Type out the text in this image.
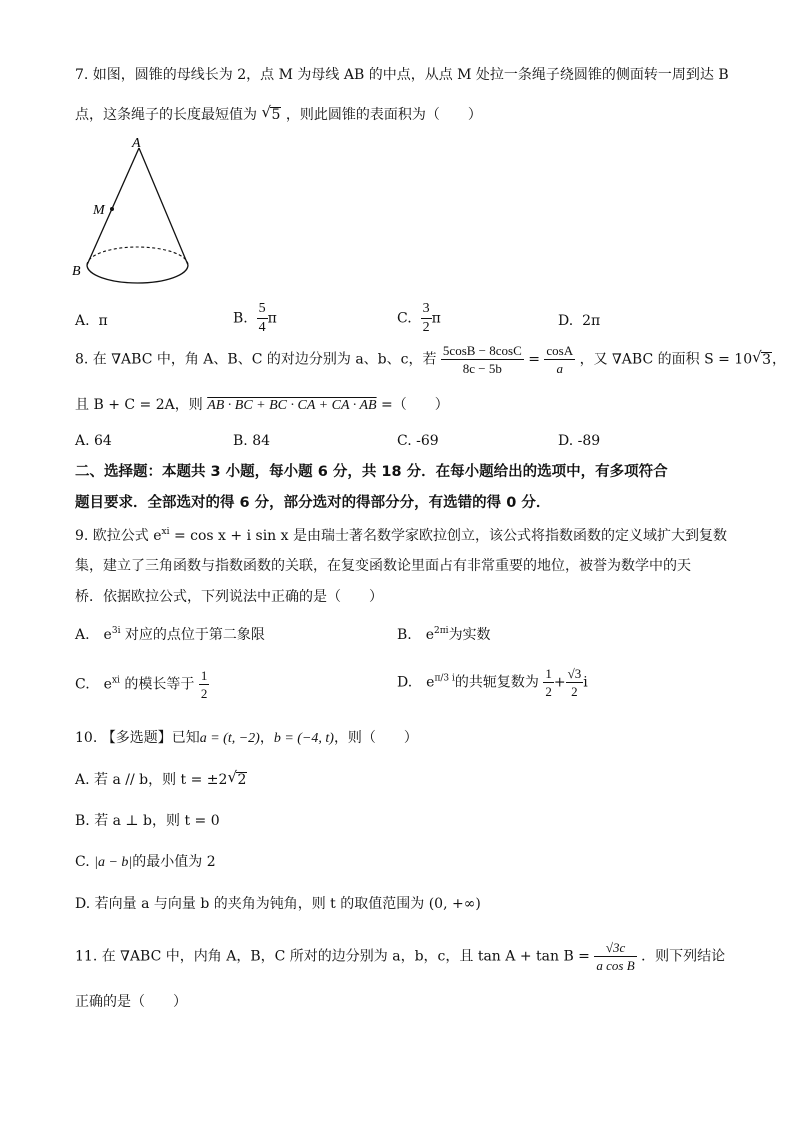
7. 如图，圆锥的母线长为 2，点 M 为母线 AB 的中点，从点 M 处拉一条绳子绕圆锥的侧面转一周到达 B
点，这条绳子的长度最短值为 √ 5 ，则此圆锥的表面积为（　　）
A
M
B
A. π	B. $\frac{5}{4}$ π	C. $\frac{3}{2}$ π	D. 2π
8. 在 ∇ABC 中，角 A、B、C 的对边分别为 a、b、c，若 $\frac{5\cos B - 8\cos C}{8c - 5b} = \frac{\cos A}{a}$ ，又 ∇ABC 的面积 S = 10 √ 3，
且 B + C = 2A，则 AB · BC + BC · CA + CA · AB =（　　）
A. 64	B. 84	C. -69	D. -89
二、选择题：本题共 3 小题，每小题 6 分，共 18 分．在每小题给出的选项中，有多项符合
题目要求．全部选对的得 6 分，部分选对的得部分分，有选错的得 0 分．
9. 欧拉公式 $e^{xi} = \cos x + i$ sin x 是由瑞士著名数学家欧拉创立，该公式将指数函数的定义域扩大到复数
集，建立了三角函数与指数函数的关联，在复变函数论里面占有非常重要的地位，被誉为数学中的天
桥．依据欧拉公式，下列说法中正确的是（　　）
A.　$e^{3i}$ 对应的点位于第二象限	B.　$e^{2\pi i}$为实数
C.　$e^{xi}$ 的模长等于 $\frac{1}{2}$	D.　$e^{\pi/3 i}$的共轭复数为 $\frac{1}{2} + \frac{√3}{2}$ i
10. 【多选题】已知a = (t, −2)，b = (−4, t)，则（　　）
A. 若 a // b，则 t = ±2 √ 2
B. 若 a ⊥ b，则 t = 0
C. |a − b|的最小值为 2
D. 若向量 a 与向量 b 的夹角为钝角，则 t 的取值范围为 (0, +∞)
11. 在 ∇ABC 中，内角 A，B，C 所对的边分别为 a，b，c，且 $\tan A + \tan B = \frac{√3c}{\text{a cos B}}$ ．则下列结论
正确的是（　　）
